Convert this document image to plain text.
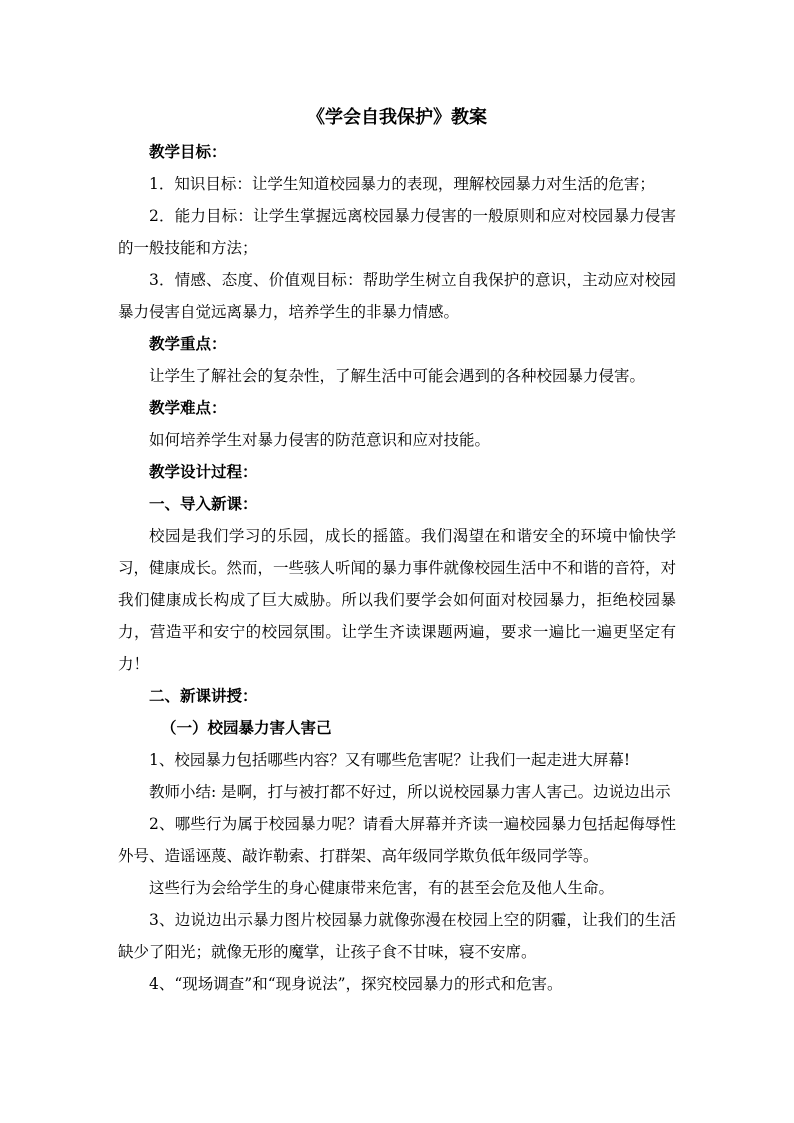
《学会自我保护》教案

教学目标：

1．知识目标：让学生知道校园暴力的表现，理解校园暴力对生活的危害；

2．能力目标：让学生掌握远离校园暴力侵害的一般原则和应对校园暴力侵害的一般技能和方法；

3．情感、态度、价值观目标：帮助学生树立自我保护的意识，主动应对校园暴力侵害自觉远离暴力，培养学生的非暴力情感。

教学重点：

让学生了解社会的复杂性，了解生活中可能会遇到的各种校园暴力侵害。

教学难点：

如何培养学生对暴力侵害的防范意识和应对技能。

教学设计过程：

一、导入新课：

校园是我们学习的乐园，成长的摇篮。我们渴望在和谐安全的环境中愉快学习，健康成长。然而，一些骇人听闻的暴力事件就像校园生活中不和谐的音符，对我们健康成长构成了巨大威胁。所以我们要学会如何面对校园暴力，拒绝校园暴力，营造平和安宁的校园氛围。让学生齐读课题两遍，要求一遍比一遍更坚定有力！

二、新课讲授：

（一）校园暴力害人害己

1、校园暴力包括哪些内容？又有哪些危害呢？让我们一起走进大屏幕!

教师小结: 是啊，打与被打都不好过，所以说校园暴力害人害己。边说边出示

2、哪些行为属于校园暴力呢？请看大屏幕并齐读一遍校园暴力包括起侮辱性外号、造谣诬蔑、敲诈勒索、打群架、高年级同学欺负低年级同学等。

这些行为会给学生的身心健康带来危害，有的甚至会危及他人生命。

3、边说边出示暴力图片校园暴力就像弥漫在校园上空的阴霾，让我们的生活缺少了阳光；就像无形的魔掌，让孩子食不甘味，寝不安席。

4、“现场调查”和“现身说法”，探究校园暴力的形式和危害。
